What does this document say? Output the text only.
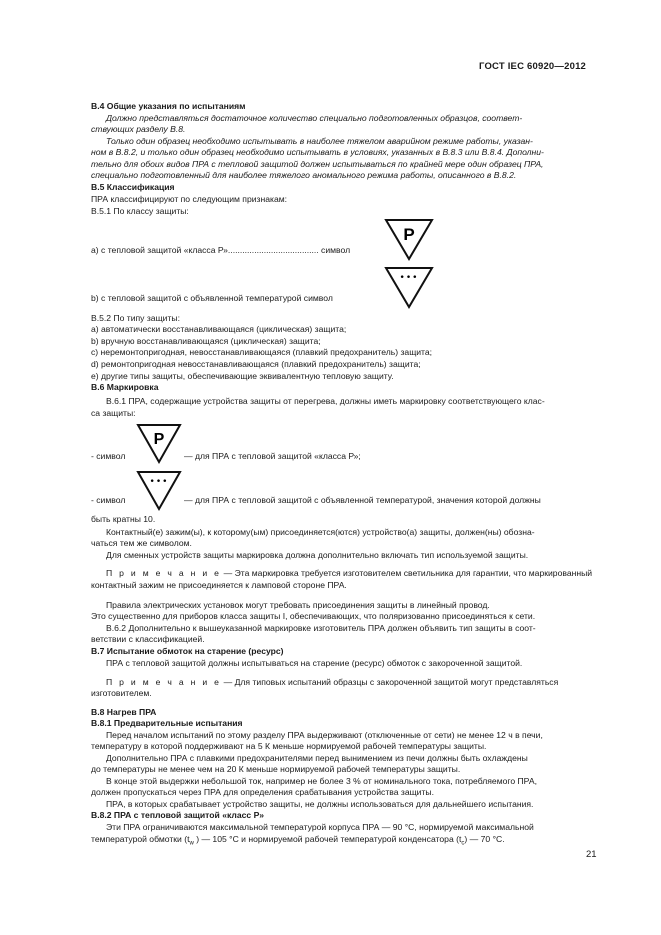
ГОСТ IEC 60920—2012
B.4 Общие указания по испытаниям
Должно представляться достаточное количество специально подготовленных образцов, соответ-
ствующих разделу В.8.
Только один образец необходимо испытывать в наиболее тяжелом аварийном режиме работы, указан-
ном в В.8.2, и только один образец необходимо испытывать в условиях, указанных в В.8.3 или В.8.4. Дополни-
тельно для обоих видов ПРА с тепловой защитой должен испытываться по крайней мере один образец ПРА,
специально подготовленный для наиболее тяжелого аномального режима работы, описанного в В.8.2.
B.5 Классификация
ПРА классифицируют по следующим признакам:
В.5.1 По классу защиты:
а) с тепловой защитой «класса Р»...................................... символ
P
b) с тепловой защитой с объявленной температурой символ
•••
В.5.2 По типу защиты:
а) автоматически восстанавливающаяся (циклическая) защита;
b) вручную восстанавливающаяся (циклическая) защита;
c) неремонтопригодная, невосстанавливающаяся (плавкий предохранитель) защита;
d) ремонтопригодная невосстанавливающаяся (плавкий предохранитель) защита;
е) другие типы защиты, обеспечивающие эквивалентную тепловую защиту.
B.6 Маркировка
В.6.1 ПРА, содержащие устройства защиты от перегрева, должны иметь маркировку соответствующего клас-
са защиты:
P
- символ	— для ПРА с тепловой защитой «класса Р»;
•••
- символ	— для ПРА с тепловой защитой с объявленной температурой, значения которой должны
быть кратны 10.
Контактный(е) зажим(ы), к которому(ым) присоединяется(ются) устройство(а) защиты, должен(ны) обозна-
чаться тем же символом.
Для сменных устройств защиты маркировка должна дополнительно включать тип используемой защиты.
П р и м е ч а н и е — Эта маркировка требуется изготовителем светильника для гарантии, что маркированный
контактный зажим не присоединяется к ламповой стороне ПРА.
Правила электрических установок могут требовать присоединения защиты в линейный провод.
Это существенно для приборов класса защиты I, обеспечивающих, что поляризованно присоединяться к сети.
В.6.2 Дополнительно к вышеуказанной маркировке изготовитель ПРА должен объявить тип защиты в соот-
ветствии с классификацией.
B.7 Испытание обмоток на старение (ресурс)
ПРА с тепловой защитой должны испытываться на старение (ресурс) обмоток с закороченной защитой.
П р и м е ч а н и е — Для типовых испытаний образцы с закороченной защитой могут представляться
изготовителем.
B.8 Нагрев ПРА
B.8.1 Предварительные испытания
Перед началом испытаний по этому разделу ПРА выдерживают (отключенные от сети) не менее 12 ч в печи,
температуру в которой поддерживают на 5 К меньше нормируемой рабочей температуры защиты.
Дополнительно ПРА с плавкими предохранителями перед вынимением из печи должны быть охлаждены
до температуры не менее чем на 20 К меньше нормируемой рабочей температуры защиты.
В конце этой выдержки небольшой ток, например не более 3 % от номинального тока, потребляемого ПРА,
должен пропускаться через ПРА для определения срабатывания устройства защиты.
ПРА, в которых срабатывает устройство защиты, не должны использоваться для дальнейшего испытания.
B.8.2 ПРА с тепловой защитой «класс Р»
Эти ПРА ограничиваются максимальной температурой корпуса ПРА — 90 °С, нормируемой максимальной
температурой обмотки ($t_w$ ) — 105 °С и нормируемой рабочей температурой конденсатора $(t_с)$ — 70 °С.
21
